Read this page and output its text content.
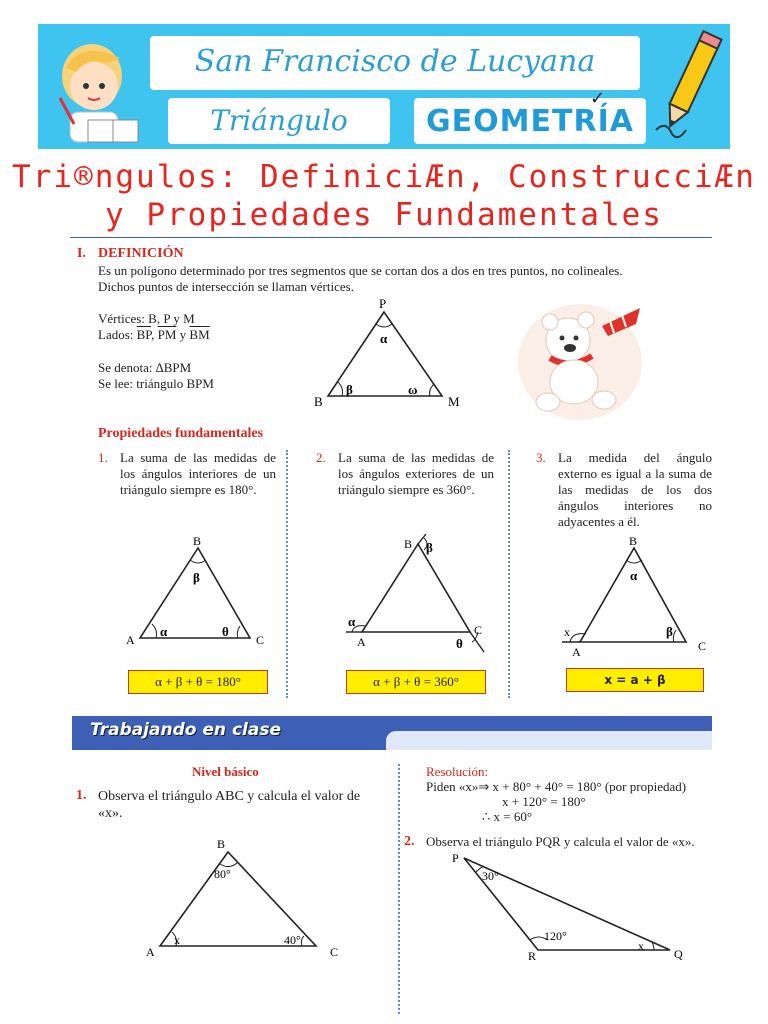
San Francisco de Lucyana
Triángulo	GEOMETRÍA
✓
Tri®ngulos: DefiniciÆn, ConstrucciÆn
y Propiedades Fundamentales
I. DEFINICIÓN
Es un polígono determinado por tres segmentos que se cortan dos a dos en tres puntos, no colineales.
Dichos puntos de intersección se llaman vértices.
Vértices: B, P y M
Lados: $\overline{BP}$, $\overline{PM}$ y $\overline{BM}$
Se denota: ∆BPM
Se lee: triángulo BPM
P
B	M
α
β	ω
Propiedades fundamentales
1. La suma de las medidas de los ángulos interiores de un triángulo siempre es 180°.
2. La suma de las medidas de los ángulos exteriores de un triángulo siempre es 360°.
3. La medida del ángulo externo es igual a la suma de las medidas de los dos ángulos interiores no adyacentes a él.
B
A	C
β
α	θ
α + β + θ = 180°
B
A
C
β
α
θ
α + β + θ = 360°
B
A	C
α
β
x
x = a + β
Trabajando en clase
Nivel básico
1. Observa el triángulo ABC y calcula el valor de «x».
B
A	C
80°
40°
x
Resolución:
Piden «x»⇒ x + 80° + 40° = 180° (por propiedad)
x + 120° = 180°
∴ x = 60°
2. Observa el triángulo PQR y calcula el valor de «x».
P
R	Q
30°
120°
x
